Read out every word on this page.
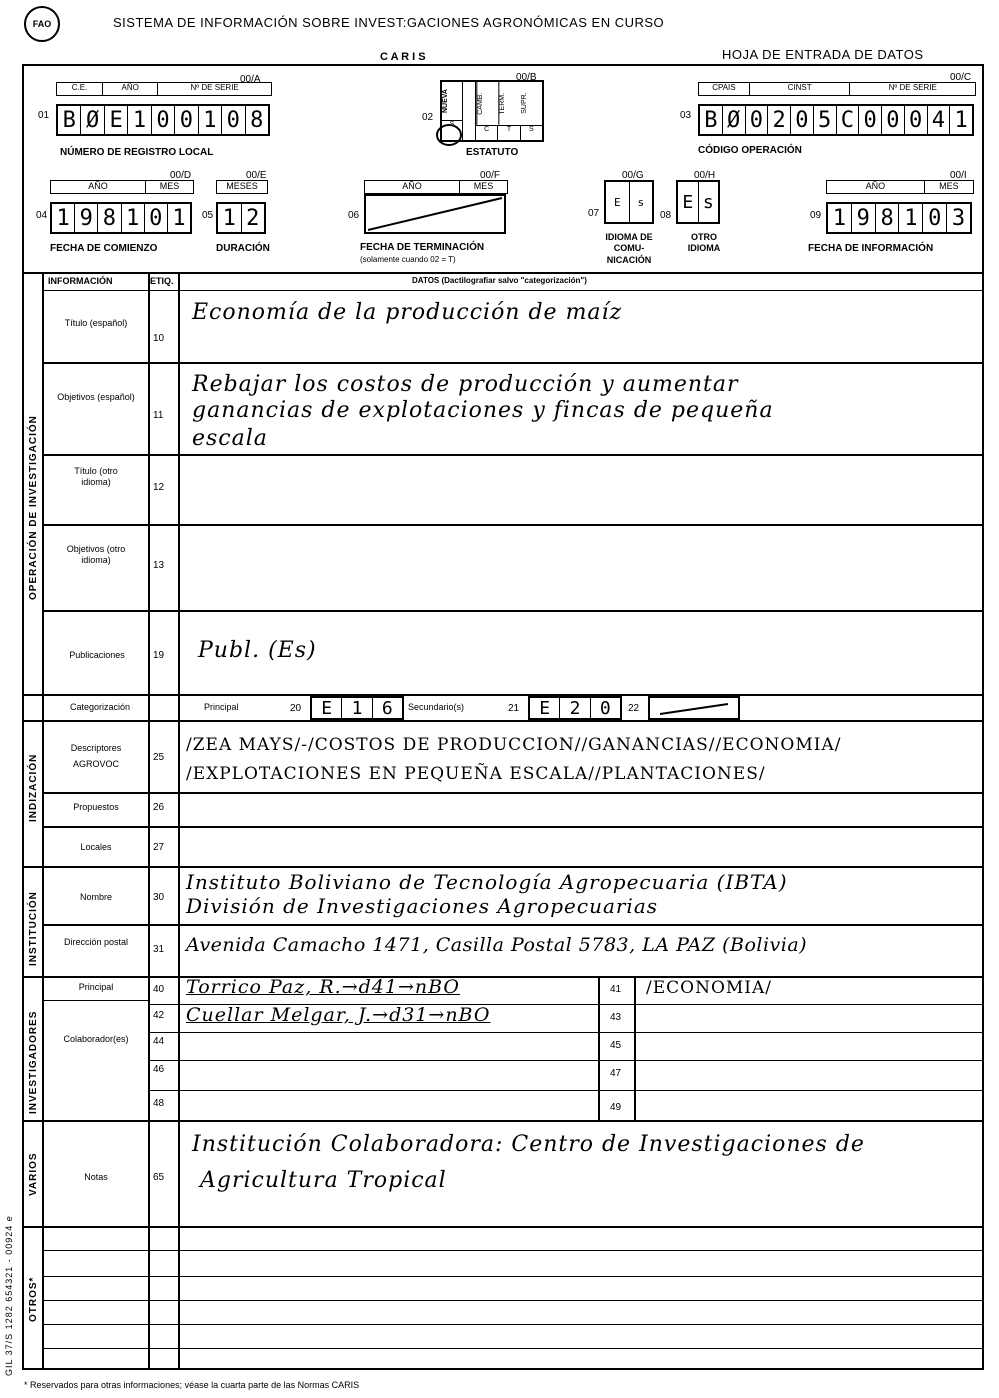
FAO	SISTEMA DE INFORMACIÓN SOBRE INVEST:GACIONES AGRONÓMICAS EN CURSO
C A R I S	HOJA DE ENTRADA DE DATOS
01
00/A
C.E.	AÑO	Nº DE SERIE
B Ø E 1 0 0 1 0 8
NÚMERO DE REGISTRO LOCAL
02
00/B
NUEVA
S
CAMB.	TERM.	SUPR.
C	T	S
ESTATUTO
03
00/C
CPAIS	CINST	Nº DE SERIE
B Ø 0 2 0 5 C 0 0 0 4 1
CÓDIGO OPERACIÓN
04
00/D
AÑO	MES
1 9 8 1 0 1
FECHA DE COMIENZO
05
00/E
MESES
1 2
DURACIÓN
06
00/F
AÑO	MES
FECHA DE TERMINACIÓN
(solamente cuando 02 = T)
07
00/G
E	s
IDIOMA DE COMU- NICACIÓN
08
00/H
E s
OTRO IDIOMA
09
00/I
AÑO	MES
1 9 8 1 0 3
FECHA DE INFORMACIÓN
INFORMACIÓN	ETIQ.	DATOS (Dactilografiar salvo "categorización")
OPERACIÓN DE INVESTIGACIÓN
Título (español)
10
Economía de la producción de maíz
Objetivos (español)
11
Rebajar los costos de producción y aumentar
ganancias de explotaciones y fincas de pequeña
escala
Título (otro idioma)	12
Objetivos (otro idioma)	13
Publicaciones	19 Publ. (Es)
Categorización	Principal	20	E	1	6	Secundario(s)	21	E	2	0	22
INDIZACIÓN
Descriptores AGROVOC
25
/ZEA MAYS/-/COSTOS DE PRODUCCION//GANANCIAS//ECONOMIA/
/EXPLOTACIONES EN PEQUEÑA ESCALA//PLANTACIONES/
Propuestos	26
Locales	27
INSTITUCIÓN	Nombre	30
Instituto Boliviano de Tecnología Agropecuaria (IBTA)
División de Investigaciones Agropecuarias
Dirección postal
31 Avenida Camacho 1471, Casilla Postal 5783, LA PAZ (Bolivia)
INVESTIGADORES
Principal
Colaborador(es)
40 Torrico Paz, R.→d41→nBO	41 /ECONOMIA/
42 Cuellar Melgar, J.→d31→nBO	43
44	45
46	47
48	49
VARIOS	Notas	65
Institución Colaboradora: Centro de Investigaciones de
Agricultura Tropical
OTROS*
GIL 37/S 1282 654321 - 00924 e
* Reservados para otras informaciones; véase la cuarta parte de las Normas CARIS
